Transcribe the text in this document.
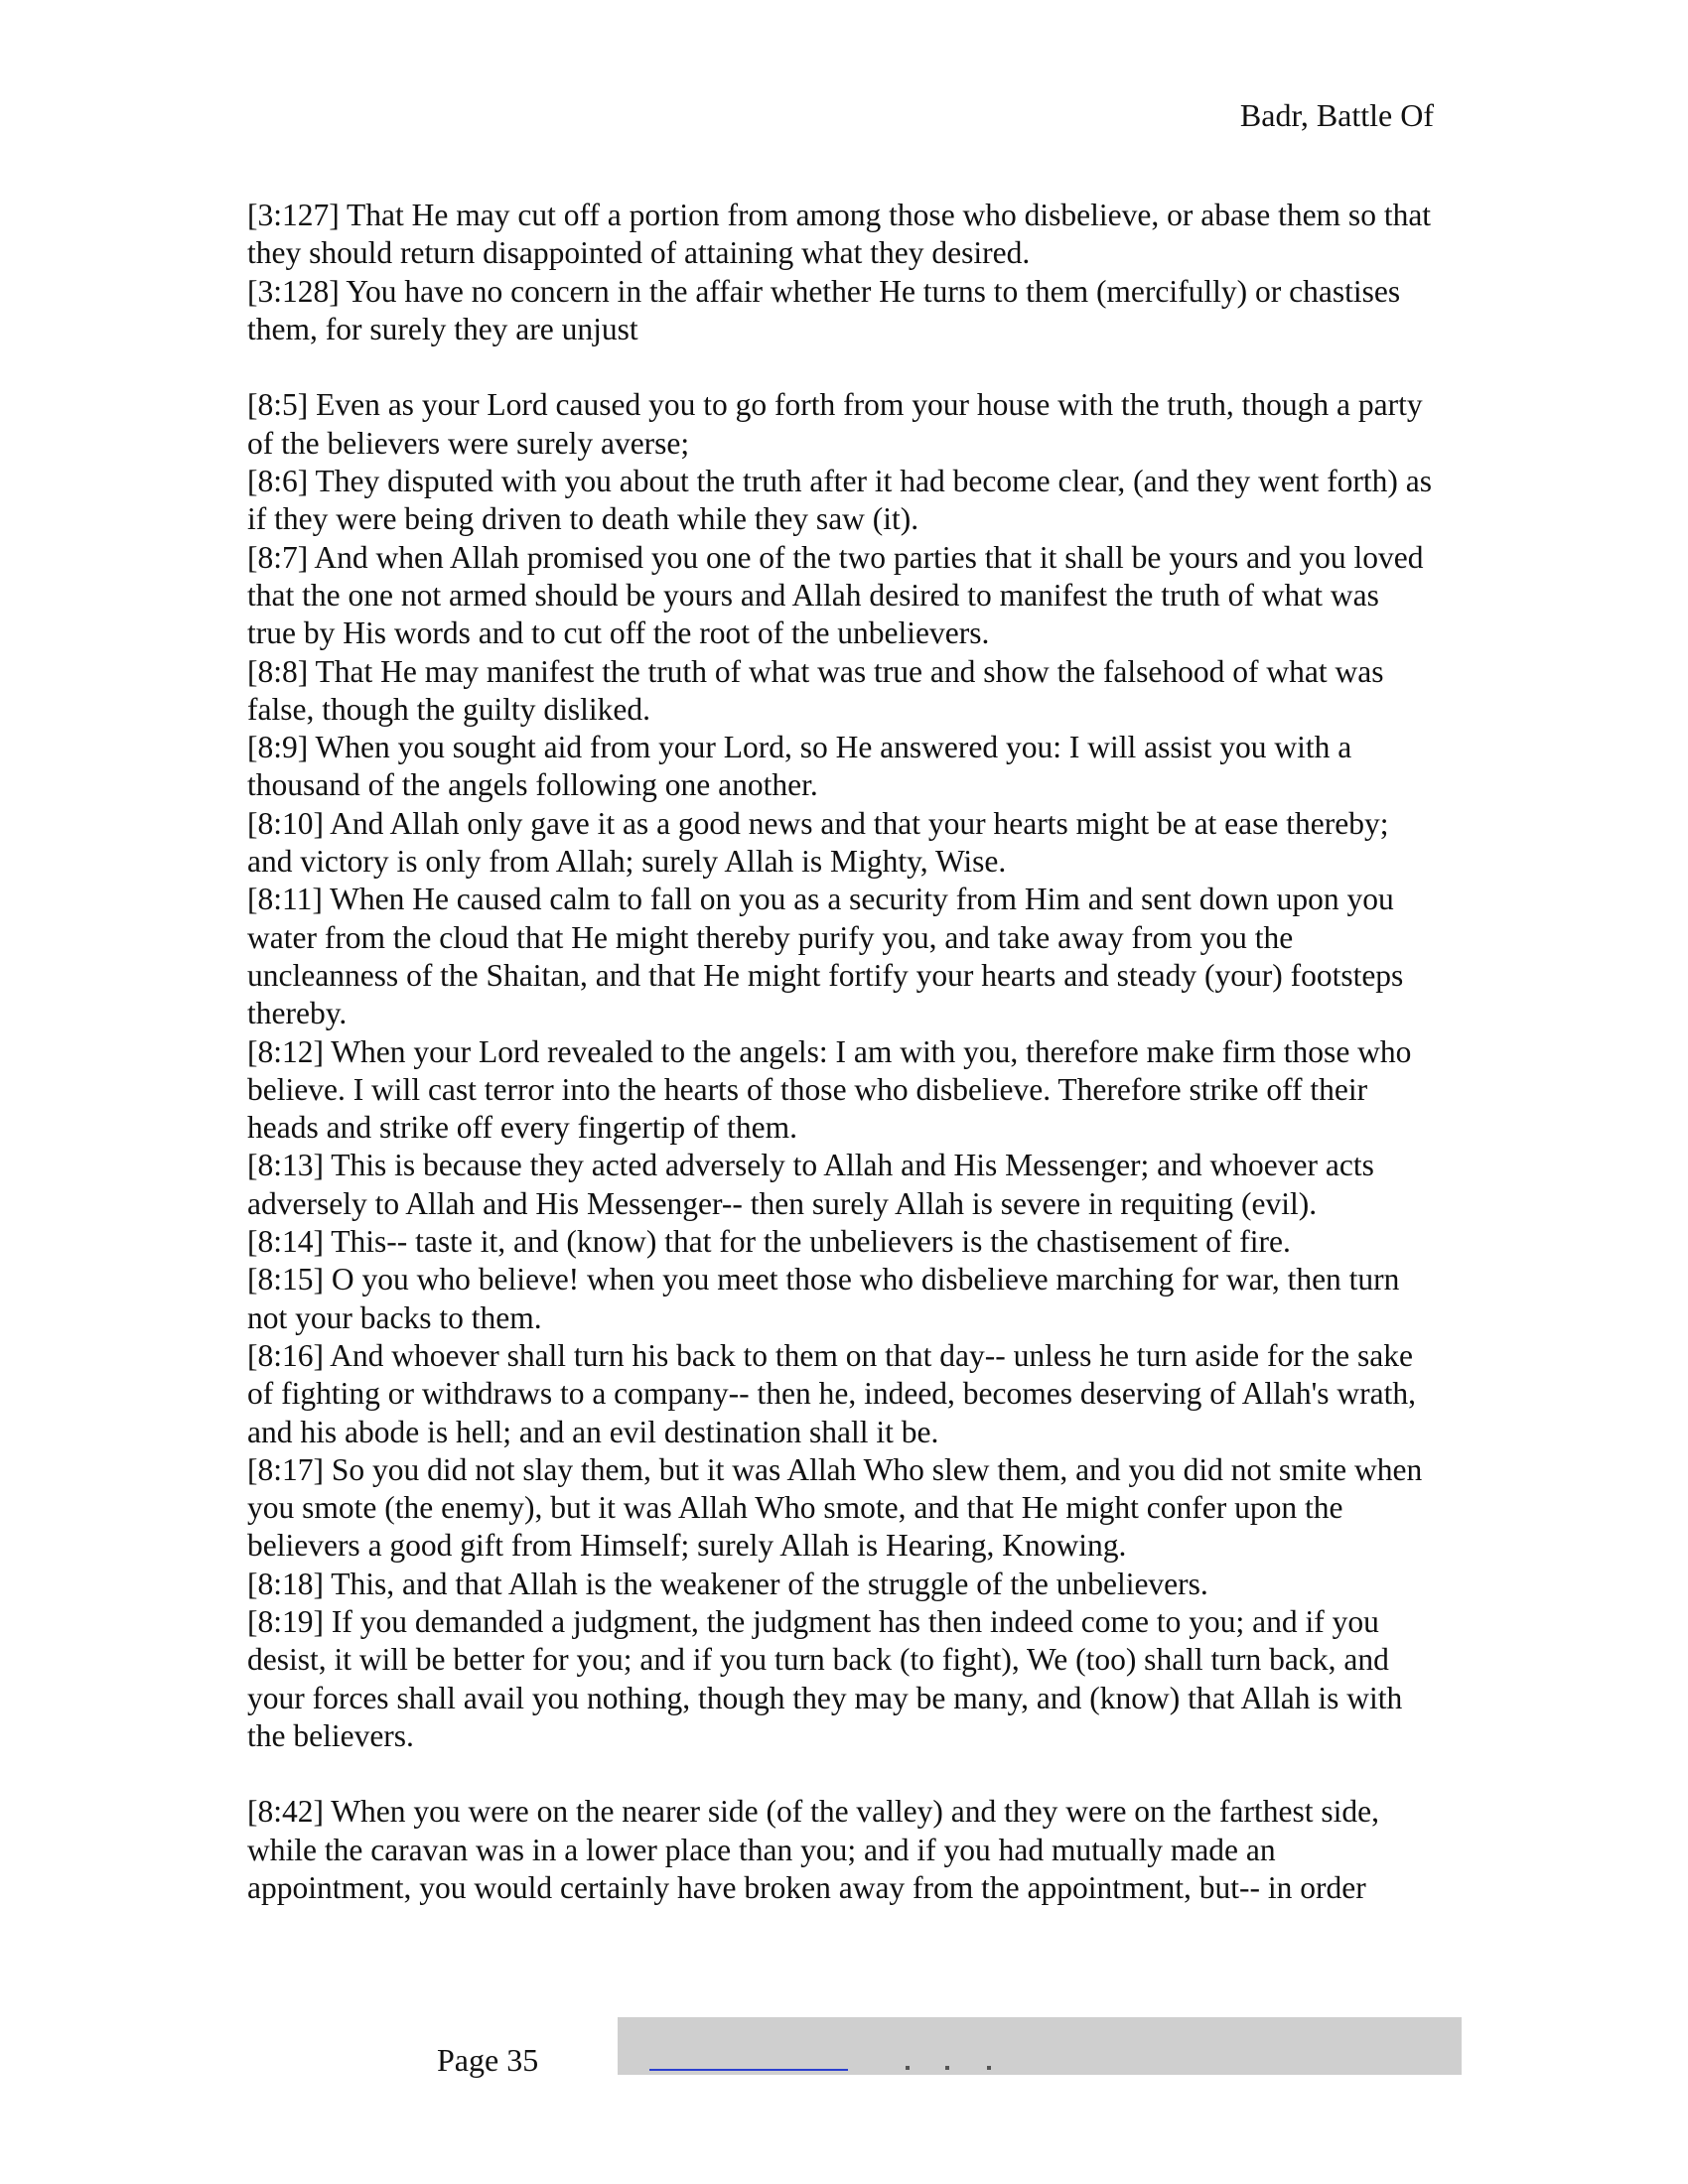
Badr, Battle Of

[3:127] That He may cut off a portion from among those who disbelieve, or abase them so that they should return disappointed of attaining what they desired.

[3:128] You have no concern in the affair whether He turns to them (mercifully) or chastises them, for surely they are unjust

[8:5] Even as your Lord caused you to go forth from your house with the truth, though a party of the believers were surely averse;

[8:6] They disputed with you about the truth after it had become clear, (and they went forth) as if they were being driven to death while they saw (it).

[8:7] And when Allah promised you one of the two parties that it shall be yours and you loved that the one not armed should be yours and Allah desired to manifest the truth of what was true by His words and to cut off the root of the unbelievers.

[8:8] That He may manifest the truth of what was true and show the falsehood of what was false, though the guilty disliked.

[8:9] When you sought aid from your Lord, so He answered you: I will assist you with a thousand of the angels following one another.

[8:10] And Allah only gave it as a good news and that your hearts might be at ease thereby; and victory is only from Allah; surely Allah is Mighty, Wise.

[8:11] When He caused calm to fall on you as a security from Him and sent down upon you water from the cloud that He might thereby purify you, and take away from you the uncleanness of the Shaitan, and that He might fortify your hearts and steady (your) footsteps thereby.

[8:12] When your Lord revealed to the angels: I am with you, therefore make firm those who believe. I will cast terror into the hearts of those who disbelieve. Therefore strike off their heads and strike off every fingertip of them.

[8:13] This is because they acted adversely to Allah and His Messenger; and whoever acts adversely to Allah and His Messenger-- then surely Allah is severe in requiting (evil).

[8:14] This-- taste it, and (know) that for the unbelievers is the chastisement of fire.

[8:15] O you who believe! when you meet those who disbelieve marching for war, then turn not your backs to them.

[8:16] And whoever shall turn his back to them on that day-- unless he turn aside for the sake of fighting or withdraws to a company-- then he, indeed, becomes deserving of Allah's wrath, and his abode is hell; and an evil destination shall it be.

[8:17] So you did not slay them, but it was Allah Who slew them, and you did not smite when you smote (the enemy), but it was Allah Who smote, and that He might confer upon the believers a good gift from Himself; surely Allah is Hearing, Knowing.

[8:18] This, and that Allah is the weakener of the struggle of the unbelievers.

[8:19] If you demanded a judgment, the judgment has then indeed come to you; and if you desist, it will be better for you; and if you turn back (to fight), We (too) shall turn back, and your forces shall avail you nothing, though they may be many, and (know) that Allah is with the believers.

[8:42] When you were on the nearer side (of the valley) and they were on the farthest side, while the caravan was in a lower place than you; and if you had mutually made an appointment, you would certainly have broken away from the appointment, but-- in order

Page 35
